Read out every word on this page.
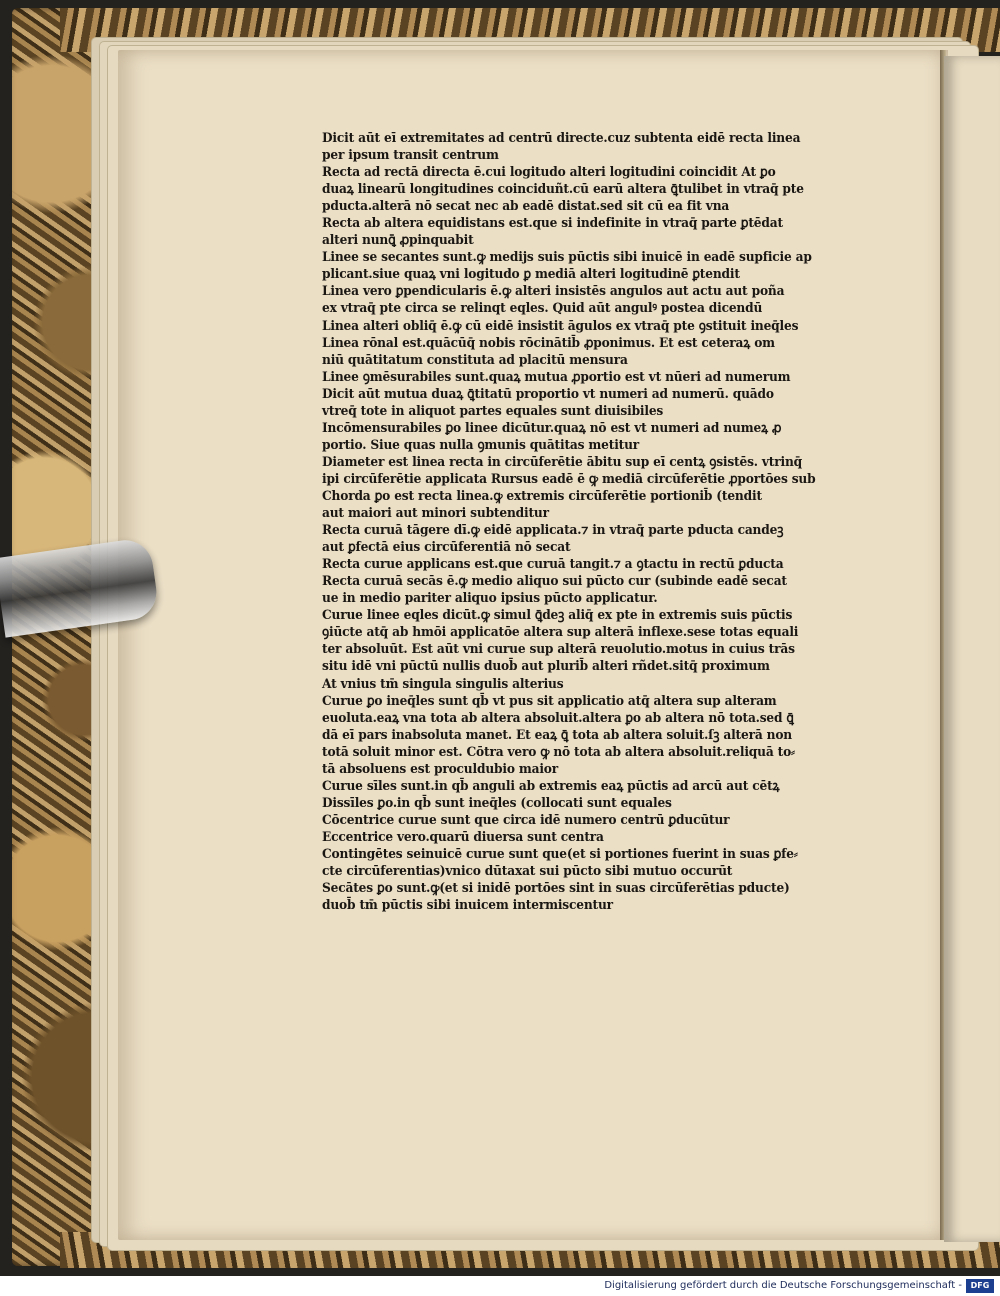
Dicit aūt eī extremitates ad centrū directe.cuz subtenta eidē recta linea
per ipsum transit centrum
Recta ad rectā directa ē.cui logitudo alteri logitudini coincidit At ꝑo
duaꝝ linearū longitudines coinciduñt.cū earū altera ꝗ̄tulibet in vtraq̄ pte
pducta.alterā nō secat nec ab eadē distat.sed sit cū ea fit vna
Recta ab altera equidistans est.que si indefinite in vtraq̄ parte ꝑtēdat
alteri nunꝗ̄ ꝓpinquabit
Linee se secantes sunt.ꝙ medijs suis pūctis sibi inuicē in eadē supficie ap
plicant.siue quaꝝ vni logitudo ꝑ mediā alteri logitudinē ꝑtendit
Linea vero ꝑpendicularis ē.ꝙ alteri insistēs angulos aut actu aut poña
ex vtraq̄ pte circa se relinqt eqles. Quid aūt angulꝰ postea dicendū
Linea alteri obliq̄ ē.ꝙ cū eidē insistit āgulos ex vtraq̄ pte ꝯstituit ineq̄les
Linea rōnal est.quācūq̄ nobis rōcinātib̄ ꝓponimus. Et est ceteraꝝ om
niū quātitatum constituta ad placitū mensura
Linee ꝯmēsurabiles sunt.quaꝝ mutua ꝓportio est vt nūeri ad numerum
Dicit aūt mutua duaꝝ ꝗ̄titatū proportio vt numeri ad numerū. quādo
vtreq̄ tote in aliquot partes equales sunt diuisibiles
Incōmensurabiles ꝑo linee dicūtur.quaꝝ nō est vt numeri ad numeꝝ ꝓ
portio. Siue quas nulla ꝯmunis quātitas metitur
Diameter est linea recta in circūferētie ābitu sup eī centꝝ ꝯsistēs. vtrinq̄
ipi circūferētie applicata Rursus eadē ē ꝙ mediā circūferētie ꝓportōes sub
Chorda ꝑo est recta linea.ꝙ extremis circūferētie portionib̄ (tendit
aut maiori aut minori subtenditur
Recta curuā tāgere dī.ꝙ eidē applicata.⁊ in vtraq̄ parte pducta candeꝫ
aut ꝑfectā eius circūferentiā nō secat
Recta curue applicans est.que curuā tangit.⁊ a ꝯtactu in rectū ꝑducta
Recta curuā secās ē.ꝙ medio aliquo sui pūcto cur (subinde eadē secat
ue in medio pariter aliquo ipsius pūcto applicatur.
Curue linee eqles dicūt.ꝙ simul ꝗ̄deꝫ aliq̄ ex pte in extremis suis pūctis
ꝯiūcte atq̄ ab hmōi applicatōe altera sup alterā inflexe.sese totas equali
ter absoluūt. Est aūt vni curue sup alterā reuolutio.motus in cuius trās
situ idē vni pūctū nullis duob̄ aut plurib̄ alteri rñdet.sitq̄ proximum
At vnius tm̄ singula singulis alterius
Curue ꝑo ineq̄les sunt qb̄ vt pus sit applicatio atq̄ altera sup alteram
euoluta.eaꝝ vna tota ab altera absoluit.altera ꝑo ab altera nō tota.sed ꝗ̄
dā eī pars inabsoluta manet. Et eaꝝ ꝗ̄ tota ab altera soluit.ſꝫ alterā non
totā soluit minor est. Cōtra vero ꝙ nō tota ab altera absoluit.reliquā to⸗
tā absoluens est proculdubio maior
Curue sīles sunt.in qb̄ anguli ab extremis eaꝝ pūctis ad arcū aut cētꝝ
Dissīles ꝑo.in qb̄ sunt ineq̄les (collocati sunt equales
Cōcentrice curue sunt que circa idē numero centrū ꝑducūtur
Eccentrice vero.quarū diuersa sunt centra
Contingētes seinuicē curue sunt que(et si portiones fuerint in suas ꝑfe⸗
cte circūferentias)vnico dūtaxat sui pūcto sibi mutuo occurūt
Secātes ꝑo sunt.ꝙ(et si inidē portōes sint in suas circūferētias pducte)
duob̄ tm̄ pūctis sibi inuicem intermiscentur
Digitalisierung gefördert durch die Deutsche Forschungsgemeinschaft -	DFG
